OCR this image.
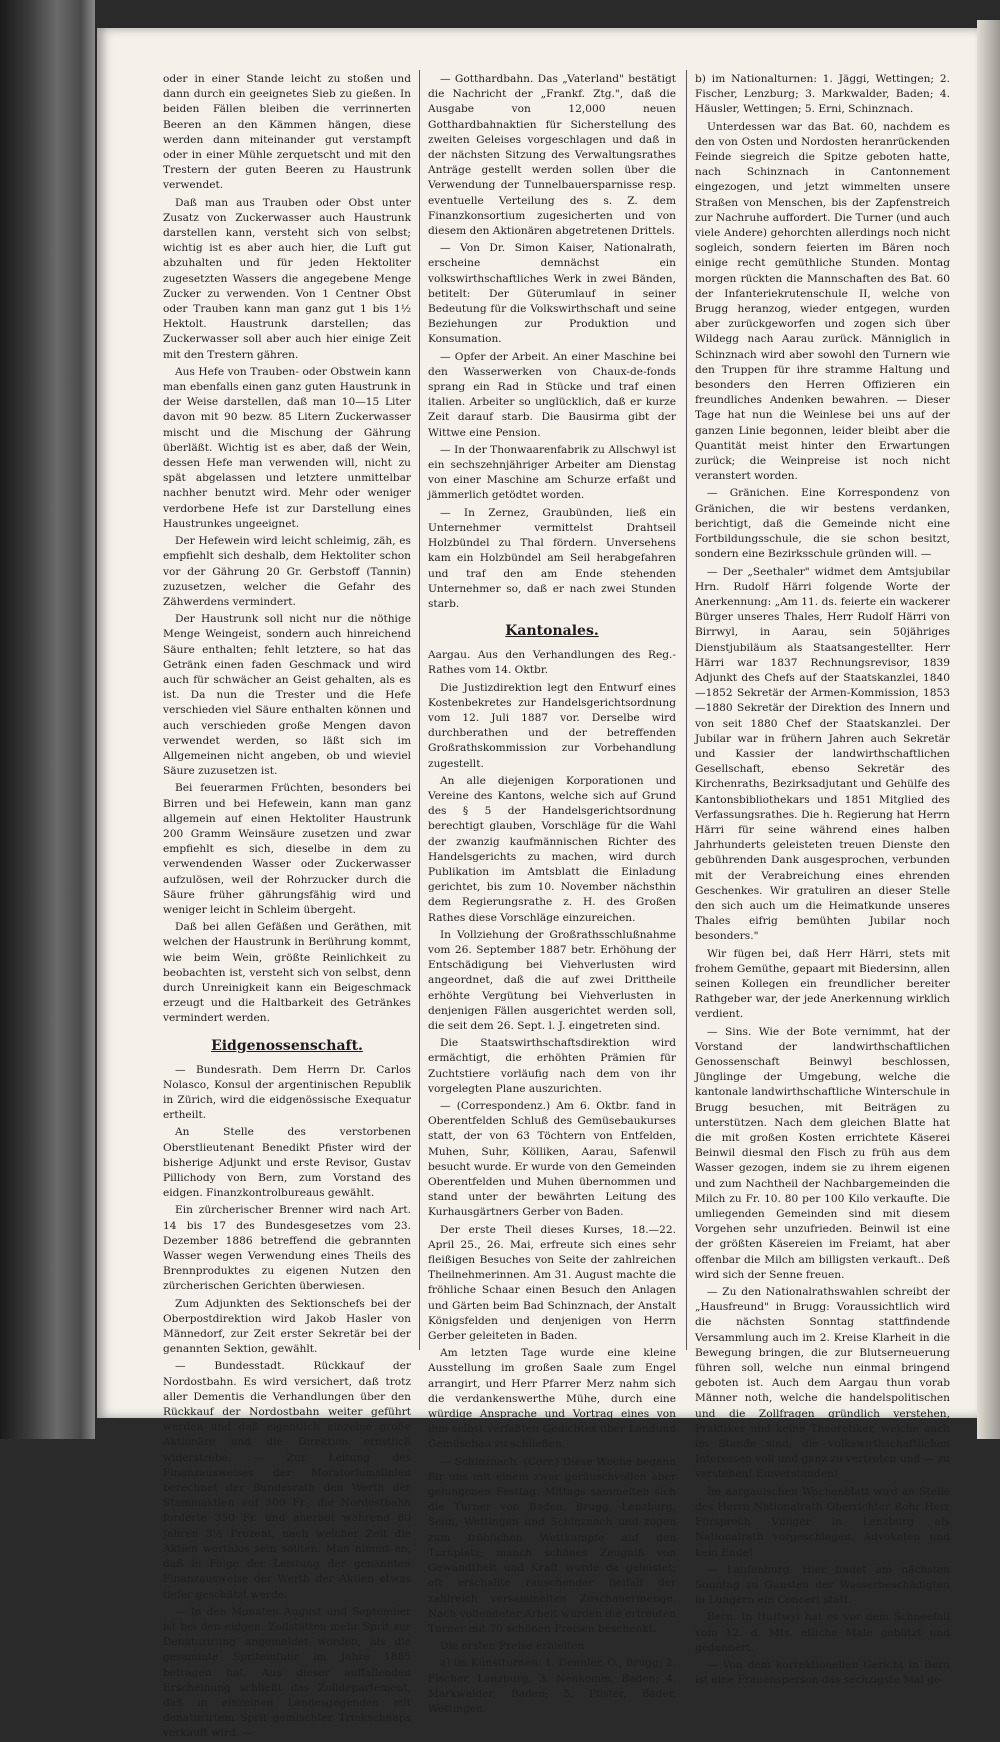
oder in einer Stande leicht zu stoßen und dann durch ein geeignetes Sieb zu gießen. In beiden Fällen bleiben die verrinnerten Beeren an den Kämmen hängen, diese werden dann miteinander gut verstampft oder in einer Mühle zerquetscht und mit den Trestern der guten Beeren zu Haustrunk verwendet.

Daß man aus Trauben oder Obst unter Zusatz von Zuckerwasser auch Haustrunk darstellen kann, versteht sich von selbst; wichtig ist es aber auch hier, die Luft gut abzuhalten und für jeden Hektoliter zugesetzten Wassers die angegebene Menge Zucker zu verwenden. Von 1 Centner Obst oder Trauben kann man ganz gut 1 bis 1½ Hektolt. Haustrunk darstellen; das Zuckerwasser soll aber auch hier einige Zeit mit den Trestern gähren.

Aus Hefe von Trauben- oder Obstwein kann man ebenfalls einen ganz guten Haustrunk in der Weise darstellen, daß man 10—15 Liter davon mit 90 bezw. 85 Litern Zuckerwasser mischt und die Mischung der Gährung überläßt. Wichtig ist es aber, daß der Wein, dessen Hefe man verwenden will, nicht zu spät abgelassen und letztere unmittelbar nachher benutzt wird. Mehr oder weniger verdorbene Hefe ist zur Darstellung eines Haustrunkes ungeeignet.

Der Hefewein wird leicht schleimig, zäh, es empfiehlt sich deshalb, dem Hektoliter schon vor der Gährung 20 Gr. Gerbstoff (Tannin) zuzusetzen, welcher die Gefahr des Zähwerdens vermindert.

Der Haustrunk soll nicht nur die nöthige Menge Weingeist, sondern auch hinreichend Säure enthalten; fehlt letztere, so hat das Getränk einen faden Geschmack und wird auch für schwächer an Geist gehalten, als es ist. Da nun die Trester und die Hefe verschieden viel Säure enthalten können und auch verschieden große Mengen davon verwendet werden, so läßt sich im Allgemeinen nicht angeben, ob und wieviel Säure zuzusetzen ist.

Bei feuerarmen Früchten, besonders bei Birren und bei Hefewein, kann man ganz allgemein auf einen Hektoliter Haustrunk 200 Gramm Weinsäure zusetzen und zwar empfiehlt es sich, dieselbe in dem zu verwendenden Wasser oder Zuckerwasser aufzulösen, weil der Rohrzucker durch die Säure früher gährungsfähig wird und weniger leicht in Schleim übergeht.

Daß bei allen Gefäßen und Geräthen, mit welchen der Haustrunk in Berührung kommt, wie beim Wein, größte Reinlichkeit zu beobachten ist, versteht sich von selbst, denn durch Unreinigkeit kann ein Beigeschmack erzeugt und die Haltbarkeit des Getränkes vermindert werden.

Eidgenossenschaft.

— Bundesrath. Dem Herrn Dr. Carlos Nolasco, Konsul der argentinischen Republik in Zürich, wird die eidgenössische Exequatur ertheilt.

An Stelle des verstorbenen Oberstlieutenant Benedikt Pfister wird der bisherige Adjunkt und erste Revisor, Gustav Pillichody von Bern, zum Vorstand des eidgen. Finanzkontrolbureaus gewählt.

Ein zürcherischer Brenner wird nach Art. 14 bis 17 des Bundesgesetzes vom 23. Dezember 1886 betreffend die gebrannten Wasser wegen Verwendung eines Theils des Brennproduktes zu eigenen Nutzen den zürcherischen Gerichten überwiesen.

Zum Adjunkten des Sektionschefs bei der Oberpostdirektion wird Jakob Hasler von Männedorf, zur Zeit erster Sekretär bei der genannten Sektion, gewählt.

— Bundesstadt. Rückkauf der Nordostbahn. Es wird versichert, daß trotz aller Dementis die Verhandlungen über den Rückkauf der Nordostbahn weiter geführt werden und daß eigentlich einzelne große Aktionäre und die Direktion ernstlich widerstrebe. — Zur Leitung des Finanzausweises der Moratoriumslinien berechnet der Bundesrath den Werth der Stammaktien auf 300 Fr., die Nordostbahn forderte 350 Fr. und anerbot während 80 Jahren 3½ Prozent, nach welcher Zeit die Aktien werthlos sein sollten. Man nimmt an, daß in Folge der Leistung der genannten Finanzausweise der Werth der Aktien etwas tiefer geschätzt werde.

— In den Monaten August und September ist bei den eidgen. Zollstätten mehr Sprit zur Denaturirung angemeldet worden, als die gesammte Spriteinfuhr im Jahre 1885 betragen hat. Aus dieser auffallenden Erscheinung schließt das Zolldepartement, daß in einzelnen Landesgegenden mit denaturirtem Sprit gemischter Trinkschnaps verkauft wird. —

— Gotthardbahn. Das „Vaterland" bestätigt die Nachricht der „Frankf. Ztg.", daß die Ausgabe von 12,000 neuen Gotthardbahnaktien für Sicherstellung des zweiten Geleises vorgeschlagen und daß in der nächsten Sitzung des Verwaltungsrathes Anträge gestellt werden sollen über die Verwendung der Tunnelbauersparnisse resp. eventuelle Verteilung des s. Z. dem Finanzkonsortium zugesicherten und von diesem den Aktionären abgetretenen Drittels.

— Von Dr. Simon Kaiser, Nationalrath, erscheine demnächst ein volkswirthschaftliches Werk in zwei Bänden, betitelt: Der Güterumlauf in seiner Bedeutung für die Volkswirthschaft und seine Beziehungen zur Produktion und Konsumation.

— Opfer der Arbeit. An einer Maschine bei den Wasserwerken von Chaux-de-fonds sprang ein Rad in Stücke und traf einen italien. Arbeiter so unglücklich, daß er kurze Zeit darauf starb. Die Bausirma gibt der Wittwe eine Pension.

— In der Thonwaarenfabrik zu Allschwyl ist ein sechszehnjähriger Arbeiter am Dienstag von einer Maschine am Schurze erfaßt und jämmerlich getödtet worden.

— In Zernez, Graubünden, ließ ein Unternehmer vermittelst Drahtseil Holzbündel zu Thal fördern. Unversehens kam ein Holzbündel am Seil herabgefahren und traf den am Ende stehenden Unternehmer so, daß er nach zwei Stunden starb.

Kantonales.

Aargau. Aus den Verhandlungen des Reg.-Rathes vom 14. Oktbr.

Die Justizdirektion legt den Entwurf eines Kostenbekretes zur Handelsgerichtsordnung vom 12. Juli 1887 vor. Derselbe wird durchberathen und der betreffenden Großrathskommission zur Vorbehandlung zugestellt.

An alle diejenigen Korporationen und Vereine des Kantons, welche sich auf Grund des § 5 der Handelsgerichtsordnung berechtigt glauben, Vorschläge für die Wahl der zwanzig kaufmännischen Richter des Handelsgerichts zu machen, wird durch Publikation im Amtsblatt die Einladung gerichtet, bis zum 10. November nächsthin dem Regierungsrathe z. H. des Großen Rathes diese Vorschläge einzureichen.

In Vollziehung der Großrathsschlußnahme vom 26. September 1887 betr. Erhöhung der Entschädigung bei Viehverlusten wird angeordnet, daß die auf zwei Drittheile erhöhte Vergütung bei Viehverlusten in denjenigen Fällen ausgerichtet werden soll, die seit dem 26. Sept. l. J. eingetreten sind.

Die Staatswirthschaftsdirektion wird ermächtigt, die erhöhten Prämien für Zuchtstiere vorläufig nach dem von ihr vorgelegten Plane auszurichten.

— (Correspondenz.) Am 6. Oktbr. fand in Oberentfelden Schluß des Gemüsebaukurses statt, der von 63 Töchtern von Entfelden, Muhen, Suhr, Kölliken, Aarau, Safenwil besucht wurde. Er wurde von den Gemeinden Oberentfelden und Muhen übernommen und stand unter der bewährten Leitung des Kurhausgärtners Gerber von Baden.

Der erste Theil dieses Kurses, 18.—22. April 25., 26. Mai, erfreute sich eines sehr fleißigen Besuches von Seite der zahlreichen Theilnehmerinnen. Am 31. August machte die fröhliche Schaar einen Besuch den Anlagen und Gärten beim Bad Schinznach, der Anstalt Königsfelden und denjenigen von Herrn Gerber geleiteten in Baden.

Am letzten Tage wurde eine kleine Ausstellung im großen Saale zum Engel arrangirt, und Herr Pfarrer Merz nahm sich die verdankenswerthe Mühe, durch eine würdige Ansprache und Vortrag eines von ihm selbst verfaßten Gedichtes über Landund Gemüsebau zu schließen.

— Schinznach. (Corr.) Diese Woche begann für uns mit einem zwar geräuschvollen aber gelungenen Festtag. Mittags sammelten sich die Turner von Baden, Brugg, Lenzburg, Seon, Wettingen und Schinznach und zogen zum fröhlichen Wettkampfe auf den Turnplatz; manch schönes Zeugniß von Gewandtheit und Kraft wurde da geleistet; oft erschallte rauschender Beifall der zahlreich versammelten Zuschauermenge. Nach vollendeter Arbeit wurden die erfreuten Turner mit 70 schönen Preisen beschenkt.

Die ersten Preise erhielten

a) im Kunstturnen: 1. Dennler, O., Brugg; 2. Fischer, Lenzburg; 3. Nenkomm, Baden; 4. Markwalder, Baden; 5. Pfister, Bader, Wettingen.

b) im Nationalturnen: 1. Jäggi, Wettingen; 2. Fischer, Lenzburg; 3. Markwalder, Baden; 4. Häusler, Wettingen; 5. Erni, Schinznach.

Unterdessen war das Bat. 60, nachdem es den von Osten und Nordosten heranrückenden Feinde siegreich die Spitze geboten hatte, nach Schinznach in Cantonnement eingezogen, und jetzt wimmelten unsere Straßen von Menschen, bis der Zapfenstreich zur Nachruhe auffordert. Die Turner (und auch viele Andere) gehorchten allerdings noch nicht sogleich, sondern feierten im Bären noch einige recht gemüthliche Stunden. Montag morgen rückten die Mannschaften des Bat. 60 der Infanteriekrutenschule II, welche von Brugg heranzog, wieder entgegen, wurden aber zurückgeworfen und zogen sich über Wildegg nach Aarau zurück. Männiglich in Schinznach wird aber sowohl den Turnern wie den Truppen für ihre stramme Haltung und besonders den Herren Offizieren ein freundliches Andenken bewahren. — Dieser Tage hat nun die Weinlese bei uns auf der ganzen Linie begonnen, leider bleibt aber die Quantität meist hinter den Erwartungen zurück; die Weinpreise ist noch nicht veranstert worden.

— Gränichen. Eine Korrespondenz von Gränichen, die wir bestens verdanken, berichtigt, daß die Gemeinde nicht eine Fortbildungsschule, die sie schon besitzt, sondern eine Bezirksschule gründen will. —

— Der „Seethaler" widmet dem Amtsjubilar Hrn. Rudolf Härri folgende Worte der Anerkennung: „Am 11. ds. feierte ein wackerer Bürger unseres Thales, Herr Rudolf Härri von Birrwyl, in Aarau, sein 50jähriges Dienstjubiläum als Staatsangestellter. Herr Härri war 1837 Rechnungsrevisor, 1839 Adjunkt des Chefs auf der Staatskanzlei, 1840—1852 Sekretär der Armen-Kommission, 1853—1880 Sekretär der Direktion des Innern und von seit 1880 Chef der Staatskanzlei. Der Jubilar war in frühern Jahren auch Sekretär und Kassier der landwirthschaftlichen Gesellschaft, ebenso Sekretär des Kirchenraths, Bezirksadjutant und Gehülfe des Kantonsbibliothekars und 1851 Mitglied des Verfassungsrathes. Die h. Regierung hat Herrn Härri für seine während eines halben Jahrhunderts geleisteten treuen Dienste den gebührenden Dank ausgesprochen, verbunden mit der Verabreichung eines ehrenden Geschenkes. Wir gratuliren an dieser Stelle den sich auch um die Heimatkunde unseres Thales eifrig bemühten Jubilar noch besonders."

Wir fügen bei, daß Herr Härri, stets mit frohem Gemüthe, gepaart mit Biedersinn, allen seinen Kollegen ein freundlicher bereiter Rathgeber war, der jede Anerkennung wirklich verdient.

— Sins. Wie der Bote vernimmt, hat der Vorstand der landwirthschaftlichen Genossenschaft Beinwyl beschlossen, Jünglinge der Umgebung, welche die kantonale landwirthschaftliche Winterschule in Brugg besuchen, mit Beiträgen zu unterstützen. Nach dem gleichen Blatte hat die mit großen Kosten errichtete Käserei Beinwil diesmal den Fisch zu früh aus dem Wasser gezogen, indem sie zu ihrem eigenen und zum Nachtheil der Nachbargemeinden die Milch zu Fr. 10. 80 per 100 Kilo verkaufte. Die umliegenden Gemeinden sind mit diesem Vorgehen sehr unzufrieden. Beinwil ist eine der größten Käsereien im Freiamt, hat aber offenbar die Milch am billigsten verkauft.. Deß wird sich der Senne freuen.

— Zu den Nationalrathswahlen schreibt der „Hausfreund" in Brugg: Voraussichtlich wird die nächsten Sonntag stattfindende Versammlung auch im 2. Kreise Klarheit in die Bewegung bringen, die zur Blutserneuerung führen soll, welche nun einmal bringend geboten ist. Auch dem Aargau thun vorab Männer noth, welche die handelspolitischen und die Zollfragen gründlich verstehen, Praktiker und keine Theoretiker, welche auch im Stande sind, die volkswirthschaftlichen Interessen voll und ganz zu vertreten und — zu verstehen! Einverstanden!

Im aargauischen Wochenblatt wird an Stelle des Herrn Nationalrath Oberrichter Rohr Herr Fürsprech Villiger in Lenzburg als Nationalrath vorgeschlagen. Advokaten und kein Ende!

— Laufenburg. Hier findet am nächsten Sonntag zu Gunsten der Wasserbeschädigten in Lungern ein Concert statt.

Bern. In Huttwyl hat es vor dem Schneefall vom 12. d. Mts. etliche Male geblitzt und gedonnert.

— Von dem korrektionellen Gericht in Bern ist eine Frauensperson das sechzigste Mal ge-
